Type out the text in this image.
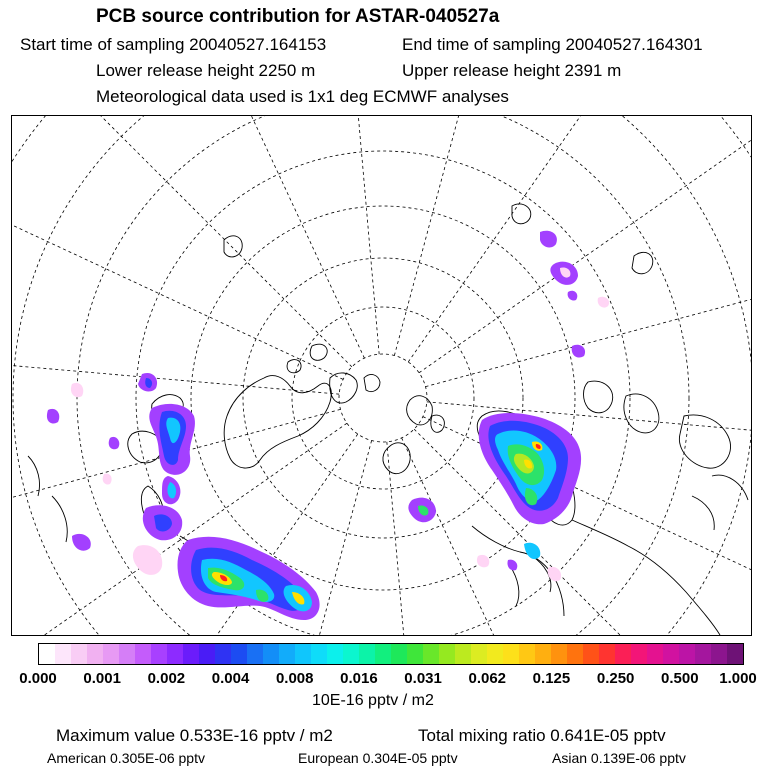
PCB source contribution for ASTAR-040527a
Start time of sampling 20040527.164153	End time of sampling 20040527.164301
Lower release height 2250 m	Upper release height 2391 m
Meteorological data used is 1x1 deg ECMWF analyses
0.000 0.001 0.002 0.004 0.008 0.016 0.031 0.062 0.125 0.250 0.500 1.000
10E-16 pptv / m2
Maximum value 0.533E-16 pptv / m2	Total mixing ratio 0.641E-05 pptv
American 0.305E-06 pptv	European 0.304E-05 pptv	Asian 0.139E-06 pptv
